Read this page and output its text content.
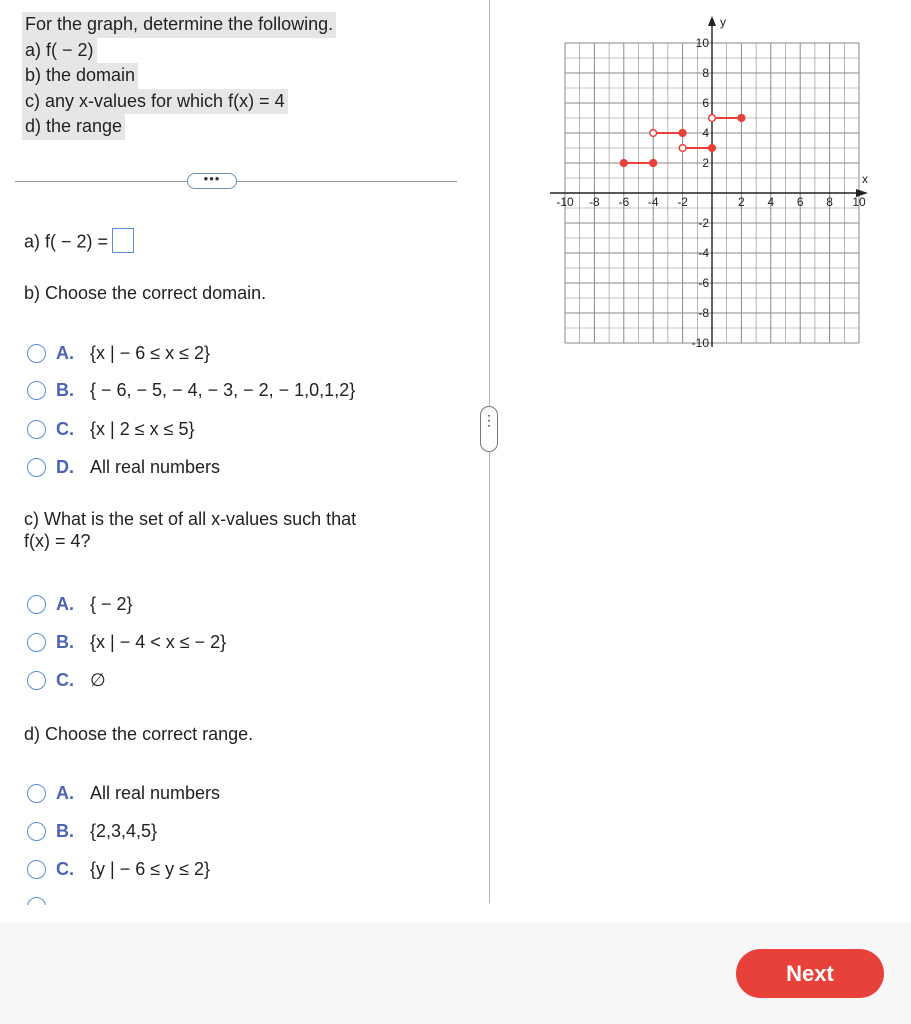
For the graph, determine the following.
a) f( − 2)
b) the domain
c) any x-values for which f(x) = 4
d) the range
•••
a) f( − 2) =
b) Choose the correct domain.
A. {x | − 6 ≤ x ≤ 2}
B. { − 6, − 5, − 4, − 3, − 2, − 1,0,1,2}
C. {x | 2 ≤ x ≤ 5}
D. All real numbers
c) What is the set of all x-values such that
f(x) = 4?
A. { − 2}
B. {x | − 4 < x ≤ − 2}
C. ∅
d) Choose the correct range.
A. All real numbers
B. {2,3,4,5}
C. {y | − 6 ≤ y ≤ 2}
⋮
x
y
-10 -8 -6 -4 -2	2 4 6 8 10
10
8
6
4
2
-2
-4
-6
-8
-10
Next
